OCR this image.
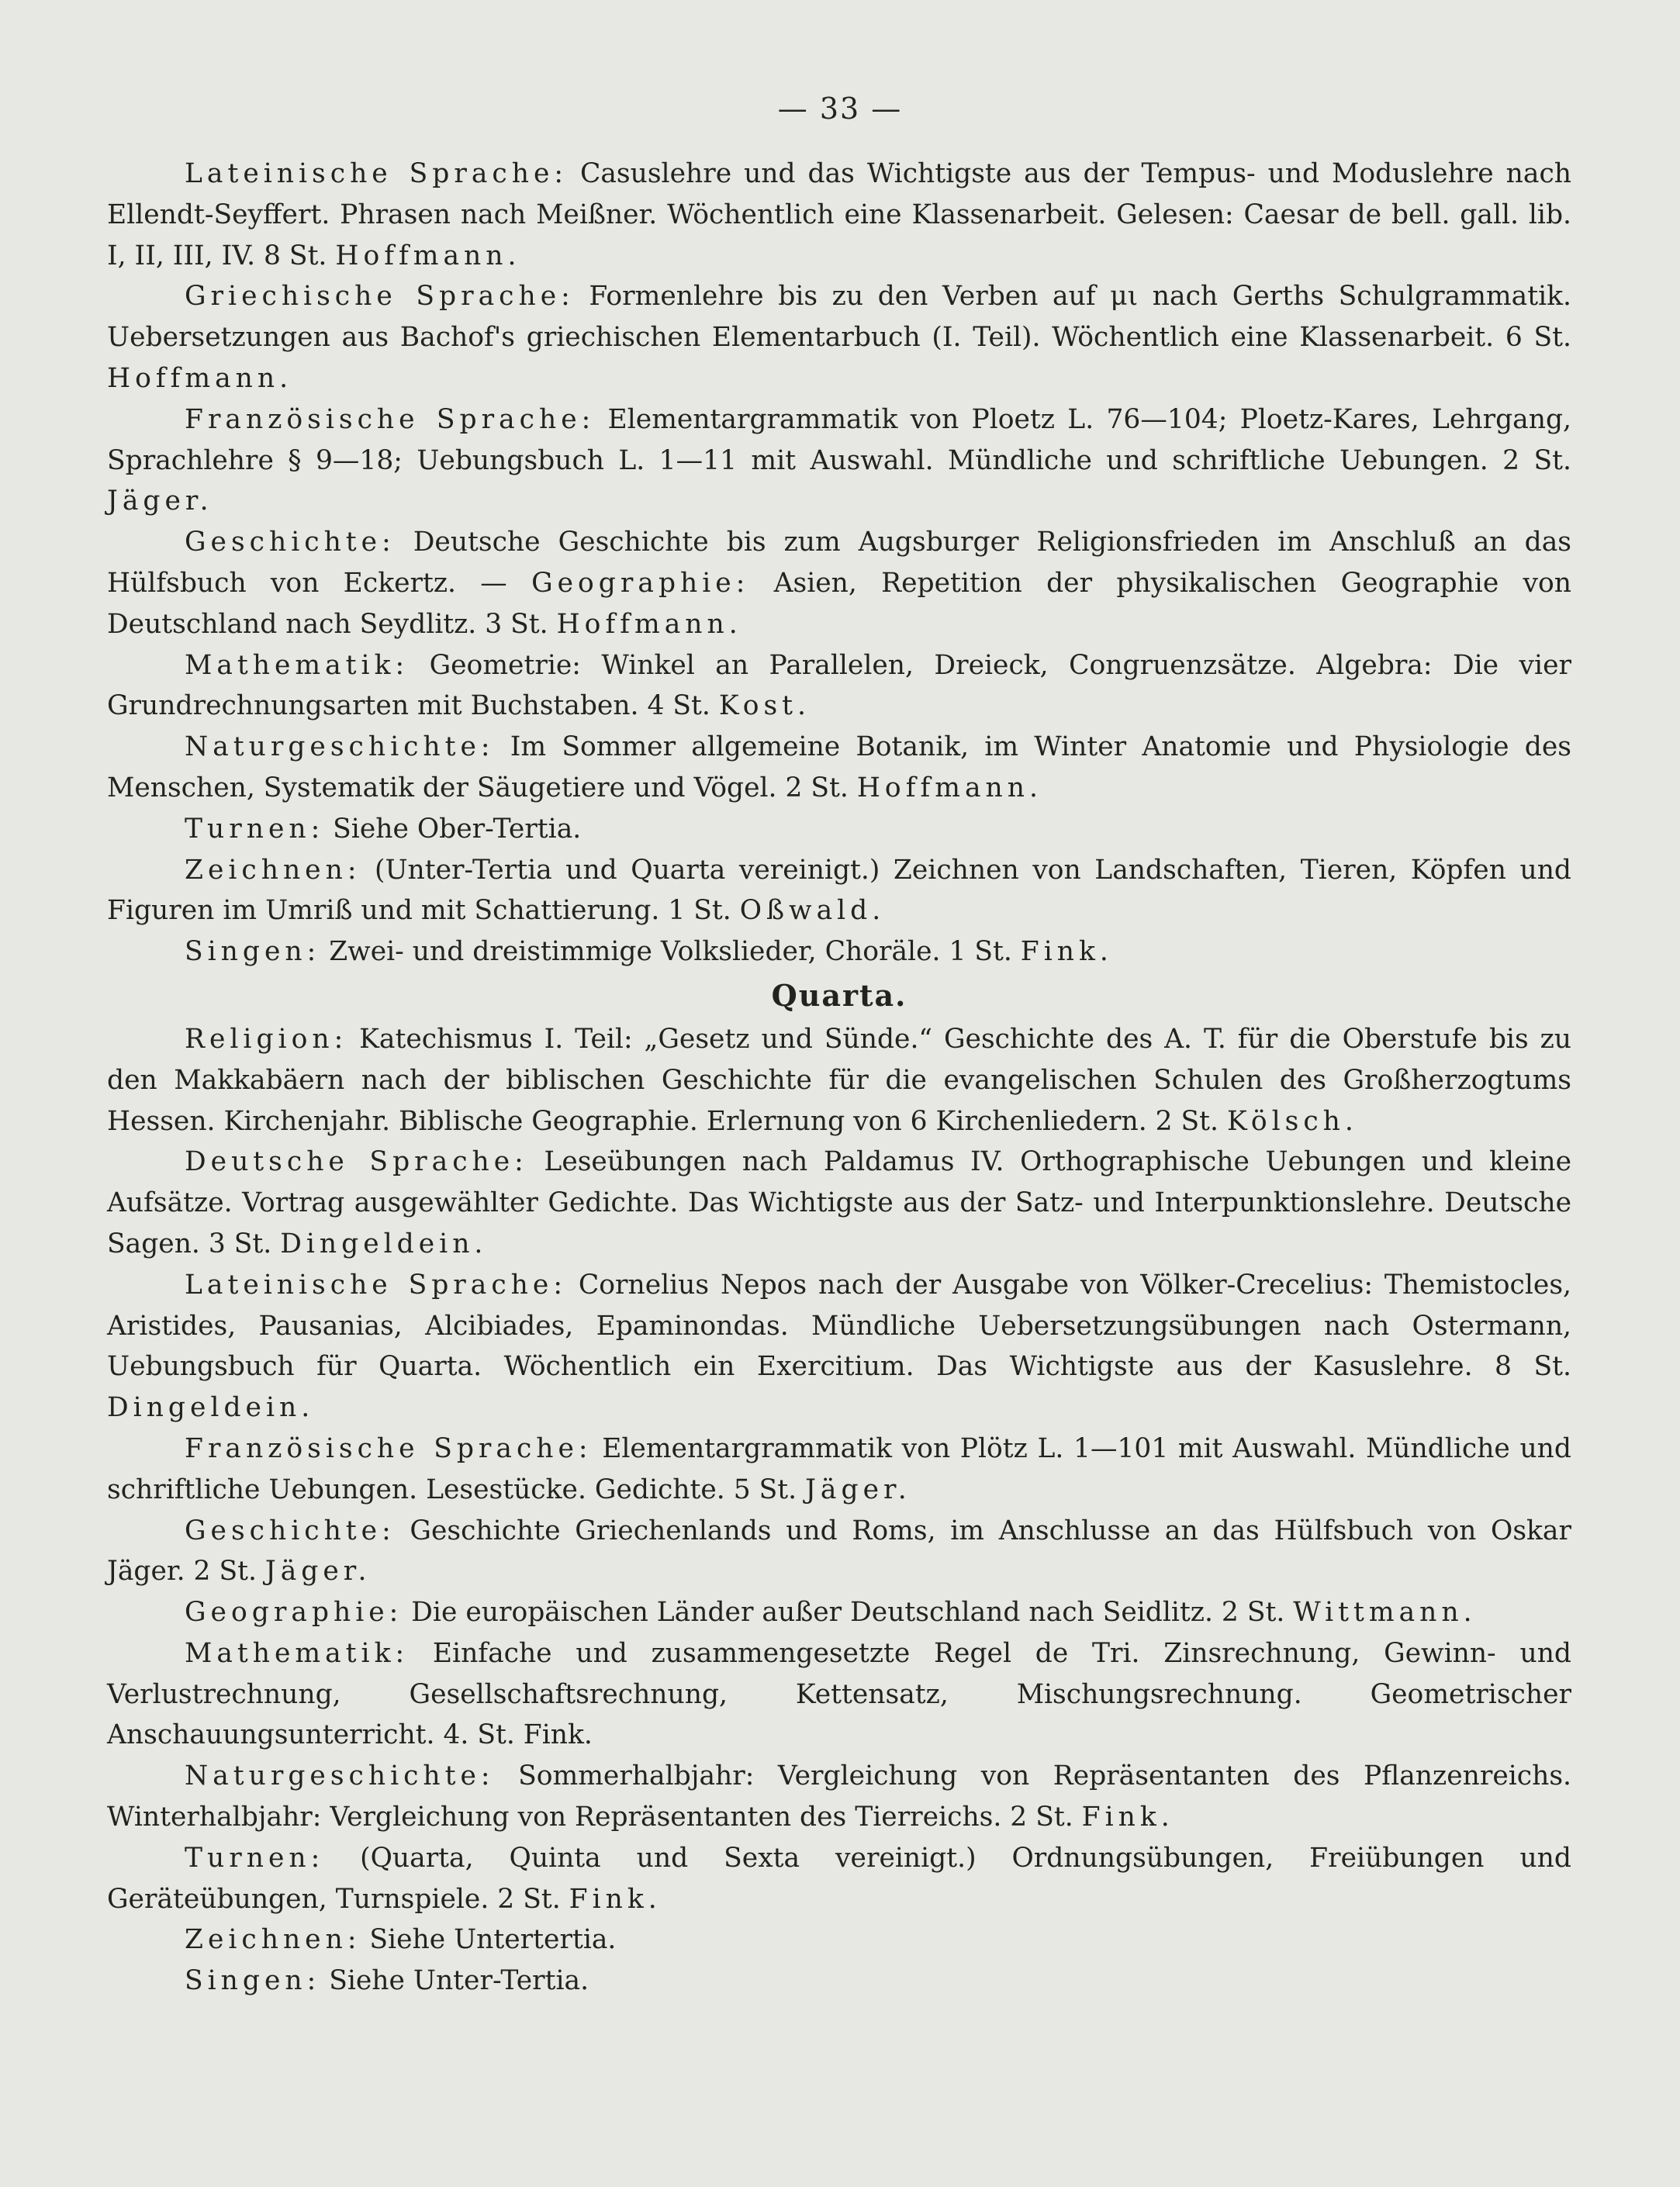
— 33 —

Lateinische Sprache: Casuslehre und das Wichtigste aus der Tempus- und Moduslehre nach Ellendt-Seyffert. Phrasen nach Meißner. Wöchentlich eine Klassenarbeit. Gelesen: Caesar de bell. gall. lib. I, II, III, IV. 8 St. Hoffmann.

Griechische Sprache: Formenlehre bis zu den Verben auf μι nach Gerths Schulgrammatik. Uebersetzungen aus Bachof's griechischen Elementarbuch (I. Teil). Wöchentlich eine Klassenarbeit. 6 St. Hoffmann.

Französische Sprache: Elementargrammatik von Ploetz L. 76—104; Ploetz-Kares, Lehrgang, Sprachlehre § 9—18; Uebungsbuch L. 1—11 mit Auswahl. Mündliche und schriftliche Uebungen. 2 St. Jäger.

Geschichte: Deutsche Geschichte bis zum Augsburger Religionsfrieden im Anschluß an das Hülfsbuch von Eckertz. — Geographie: Asien, Repetition der physikalischen Geographie von Deutschland nach Seydlitz. 3 St. Hoffmann.

Mathematik: Geometrie: Winkel an Parallelen, Dreieck, Congruenzsätze. Algebra: Die vier Grundrechnungsarten mit Buchstaben. 4 St. Kost.

Naturgeschichte: Im Sommer allgemeine Botanik, im Winter Anatomie und Physiologie des Menschen, Systematik der Säugetiere und Vögel. 2 St. Hoffmann.

Turnen: Siehe Ober-Tertia.

Zeichnen: (Unter-Tertia und Quarta vereinigt.) Zeichnen von Landschaften, Tieren, Köpfen und Figuren im Umriß und mit Schattierung. 1 St. Oßwald.

Singen: Zwei- und dreistimmige Volkslieder, Choräle. 1 St. Fink.

Quarta.

Religion: Katechismus I. Teil: „Gesetz und Sünde.“ Geschichte des A. T. für die Oberstufe bis zu den Makkabäern nach der biblischen Geschichte für die evangelischen Schulen des Großherzogtums Hessen. Kirchenjahr. Biblische Geographie. Erlernung von 6 Kirchenliedern. 2 St. Kölsch.

Deutsche Sprache: Leseübungen nach Paldamus IV. Orthographische Uebungen und kleine Aufsätze. Vortrag ausgewählter Gedichte. Das Wichtigste aus der Satz- und Interpunktionslehre. Deutsche Sagen. 3 St. Dingeldein.

Lateinische Sprache: Cornelius Nepos nach der Ausgabe von Völker-Crecelius: Themistocles, Aristides, Pausanias, Alcibiades, Epaminondas. Mündliche Uebersetzungsübungen nach Ostermann, Uebungsbuch für Quarta. Wöchentlich ein Exercitium. Das Wichtigste aus der Kasuslehre. 8 St. Dingeldein.

Französische Sprache: Elementargrammatik von Plötz L. 1—101 mit Auswahl. Mündliche und schriftliche Uebungen. Lesestücke. Gedichte. 5 St. Jäger.

Geschichte: Geschichte Griechenlands und Roms, im Anschlusse an das Hülfsbuch von Oskar Jäger. 2 St. Jäger.

Geographie: Die europäischen Länder außer Deutschland nach Seidlitz. 2 St. Wittmann.

Mathematik: Einfache und zusammengesetzte Regel de Tri. Zinsrechnung, Gewinn- und Verlustrechnung, Gesellschaftsrechnung, Kettensatz, Mischungsrechnung. Geometrischer Anschauungsunterricht. 4. St. Fink.

Naturgeschichte: Sommerhalbjahr: Vergleichung von Repräsentanten des Pflanzenreichs. Winterhalbjahr: Vergleichung von Repräsentanten des Tierreichs. 2 St. Fink.

Turnen: (Quarta, Quinta und Sexta vereinigt.) Ordnungsübungen, Freiübungen und Geräteübungen, Turnspiele. 2 St. Fink.

Zeichnen: Siehe Untertertia.

Singen: Siehe Unter-Tertia.
